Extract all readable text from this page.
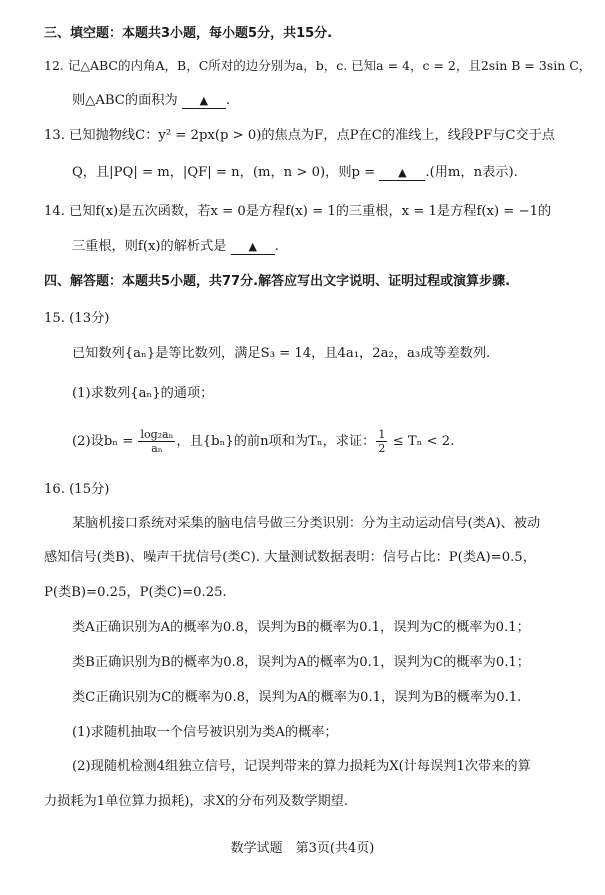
三、填空题：本题共3小题，每小题5分，共15分.
12. 记△ABC的内角A，B，C所对的边分别为a，b，c. 已知a = 4，c = 2，且2sin B = 3sin C，
则△ABC的面积为 ▲ .
13. 已知抛物线C：y² = 2px(p > 0)的焦点为F，点P在C的准线上，线段PF与C交于点
Q，且|PQ| = m，|QF| = n，(m，n > 0)，则p = ▲ .(用m，n表示).
14. 已知f(x)是五次函数，若x = 0是方程f(x) = 1的三重根，x = 1是方程f(x) = −1的
三重根，则f(x)的解析式是 ▲ .
四、解答题：本题共5小题，共77分.解答应写出文字说明、证明过程或演算步骤.
15. (13分)
已知数列{aₙ}是等比数列，满足S₃ = 14，且4a₁，2a₂，a₃成等差数列.
(1)求数列{aₙ}的通项；
(2)设$b_n = \frac{\text{log₂aₙ}}{\text{aₙ}}$ ，且{bₙ}的前n项和为Tₙ，求证： $\frac{1}{2} \le T_n < 2$.
16. (15分)
某脑机接口系统对采集的脑电信号做三分类识别：分为主动运动信号(类A)、被动
感知信号(类B)、噪声干扰信号(类C). 大量测试数据表明：信号占比：P(类A)=0.5，
P(类B)=0.25，P(类C)=0.25.
类A正确识别为A的概率为0.8，误判为B的概率为0.1，误判为C的概率为0.1；
类B正确识别为B的概率为0.8，误判为A的概率为0.1，误判为C的概率为0.1；
类C正确识别为C的概率为0.8，误判为A的概率为0.1，误判为B的概率为0.1.
(1)求随机抽取一个信号被识别为类A的概率；
(2)现随机检测4组独立信号，记误判带来的算力损耗为X(计每误判1次带来的算
力损耗为1单位算力损耗)，求X的分布列及数学期望.
数学试题　第3页(共4页)
